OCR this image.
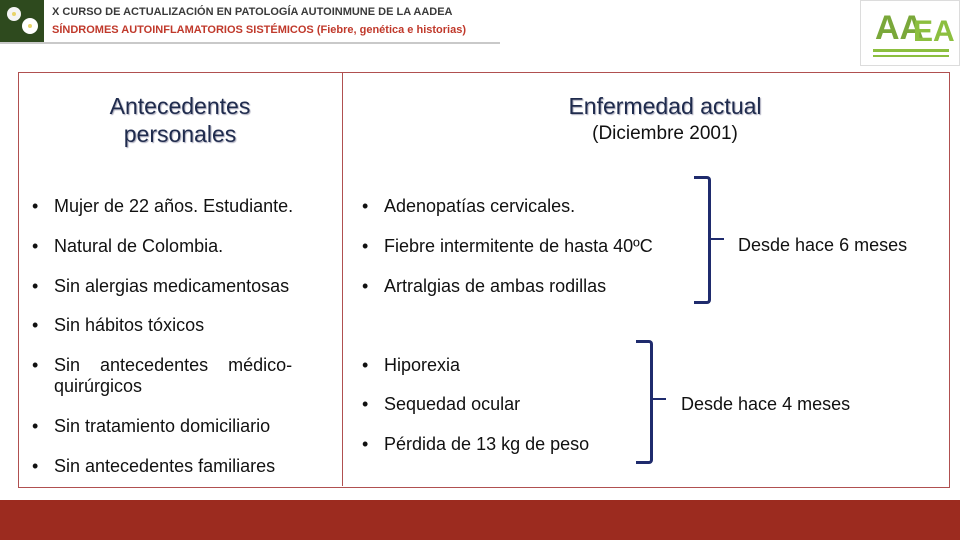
X CURSO DE ACTUALIZACIÓN EN PATOLOGÍA AUTOINMUNE DE LA AADEA
SÍNDROMES AUTOINFLAMATORIOS SISTÉMICOS (Fiebre, genética e historias)	AA
EA
Antecedentes
personales
Enfermedad actual
(Diciembre 2001)
• Mujer de 22 años. Estudiante.
• Natural de Colombia.
• Sin alergias medicamentosas
• Sin hábitos tóxicos
• Sin    antecedentes    médico-
quirúrgicos
• Sin tratamiento domiciliario
• Sin antecedentes familiares
• Adenopatías cervicales.
• Fiebre intermitente de hasta 40ºC
• Artralgias de ambas rodillas
Desde hace 6 meses
• Hiporexia
• Sequedad ocular
• Pérdida de 13 kg de peso
Desde hace 4 meses
